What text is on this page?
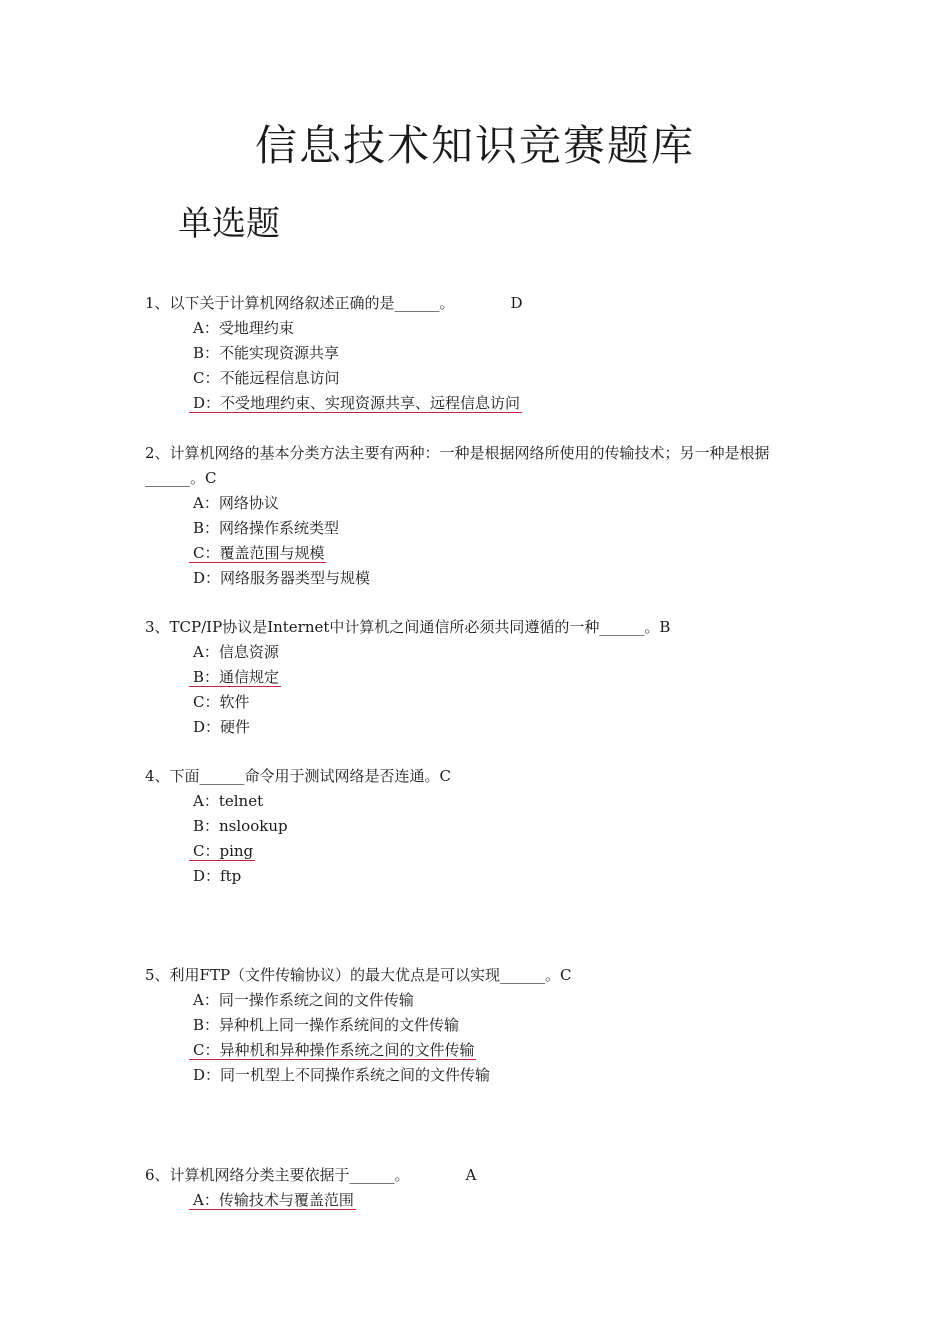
信息技术知识竞赛题库
单选题
1、以下关于计算机网络叙述正确的是______。	D
A：受地理约束
B：不能实现资源共享
C：不能远程信息访问
D：不受地理约束、实现资源共享、远程信息访问
2、计算机网络的基本分类方法主要有两种：一种是根据网络所使用的传输技术；另一种是根据______。C
A：网络协议
B：网络操作系统类型
C：覆盖范围与规模
D：网络服务器类型与规模
3、TCP/IP协议是Internet中计算机之间通信所必须共同遵循的一种______。B
A：信息资源
B：通信规定
C：软件
D：硬件
4、下面______命令用于测试网络是否连通。C
A：telnet
B：nslookup
C：ping
D：ftp
5、利用FTP（文件传输协议）的最大优点是可以实现______。C
A：同一操作系统之间的文件传输
B：异种机上同一操作系统间的文件传输
C：异种机和异种操作系统之间的文件传输
D：同一机型上不同操作系统之间的文件传输
6、计算机网络分类主要依据于______。	A
A：传输技术与覆盖范围
